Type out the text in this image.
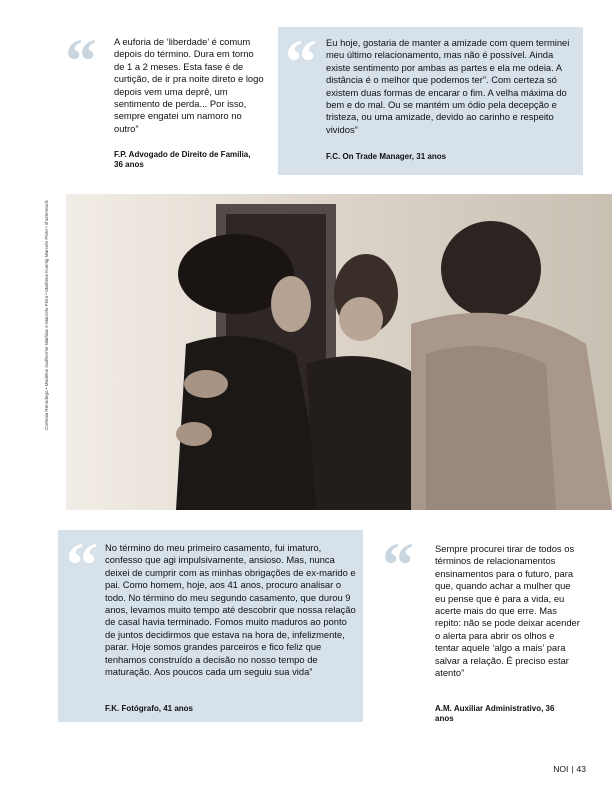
“ A euforia de ‘liberdade’ é comum depois do término. Dura em torno de 1 a 2 meses. Esta fase é de curtição, de ir pra noite direto e logo depois vem uma deprê, um sentimento de perda... Por isso, sempre engatei um namoro no outro”

F.P. Advogado de Direito de Família, 36 anos

“ Eu hoje, gostaria de manter a amizade com quem terminei meu último relacionamento, mas não é possível. Ainda existe sentimento por ambas as partes e ela me odeia. A distância é o melhor que podemos ter”. Com certeza só existem duas formas de encarar o fim. A velha máxima do bem e do mal. Ou se mantém um ódio pela decepção e tristeza, ou uma amizade, devido ao carinho e respeito vividos”

F.C. On Trade Manager, 31 anos

Cortesia Renodego • Modelos Guilherme Mathias e Marcelo Pinto • Matheus Koenig Marcelo Pinto • shutterstock
“ No término do meu primeiro casamento, fui imaturo, confesso que agi impulsivamente, ansioso. Mas, nunca deixei de cumprir com as minhas obrigações de ex-marido e pai. Como homem, hoje, aos 41 anos, procuro analisar o todo. No término do meu segundo casamento, que durou 9 anos, levamos muito tempo até descobrir que nossa relação de casal havia terminado. Fomos muito maduros ao ponto de juntos decidirmos que estava na hora de, infelizmente, parar. Hoje somos grandes parceiros e fico feliz que tenhamos construído a decisão no nosso tempo de maturação. Aos poucos cada um seguiu sua vida”

F.K. Fotógrafo, 41 anos

“	Sempre procurei tirar de todos os términos de relacionamentos ensinamentos para o futuro, para que, quando achar a mulher que eu pense que é para a vida, eu acerte mais do que erre. Mas repito: não se pode deixar acender o alerta para abrir os olhos e tentar aquele ‘algo a mais’ para salvar a relação. É preciso estar atento”

A.M. Auxiliar Administrativo, 36 anos

NOI | 43
